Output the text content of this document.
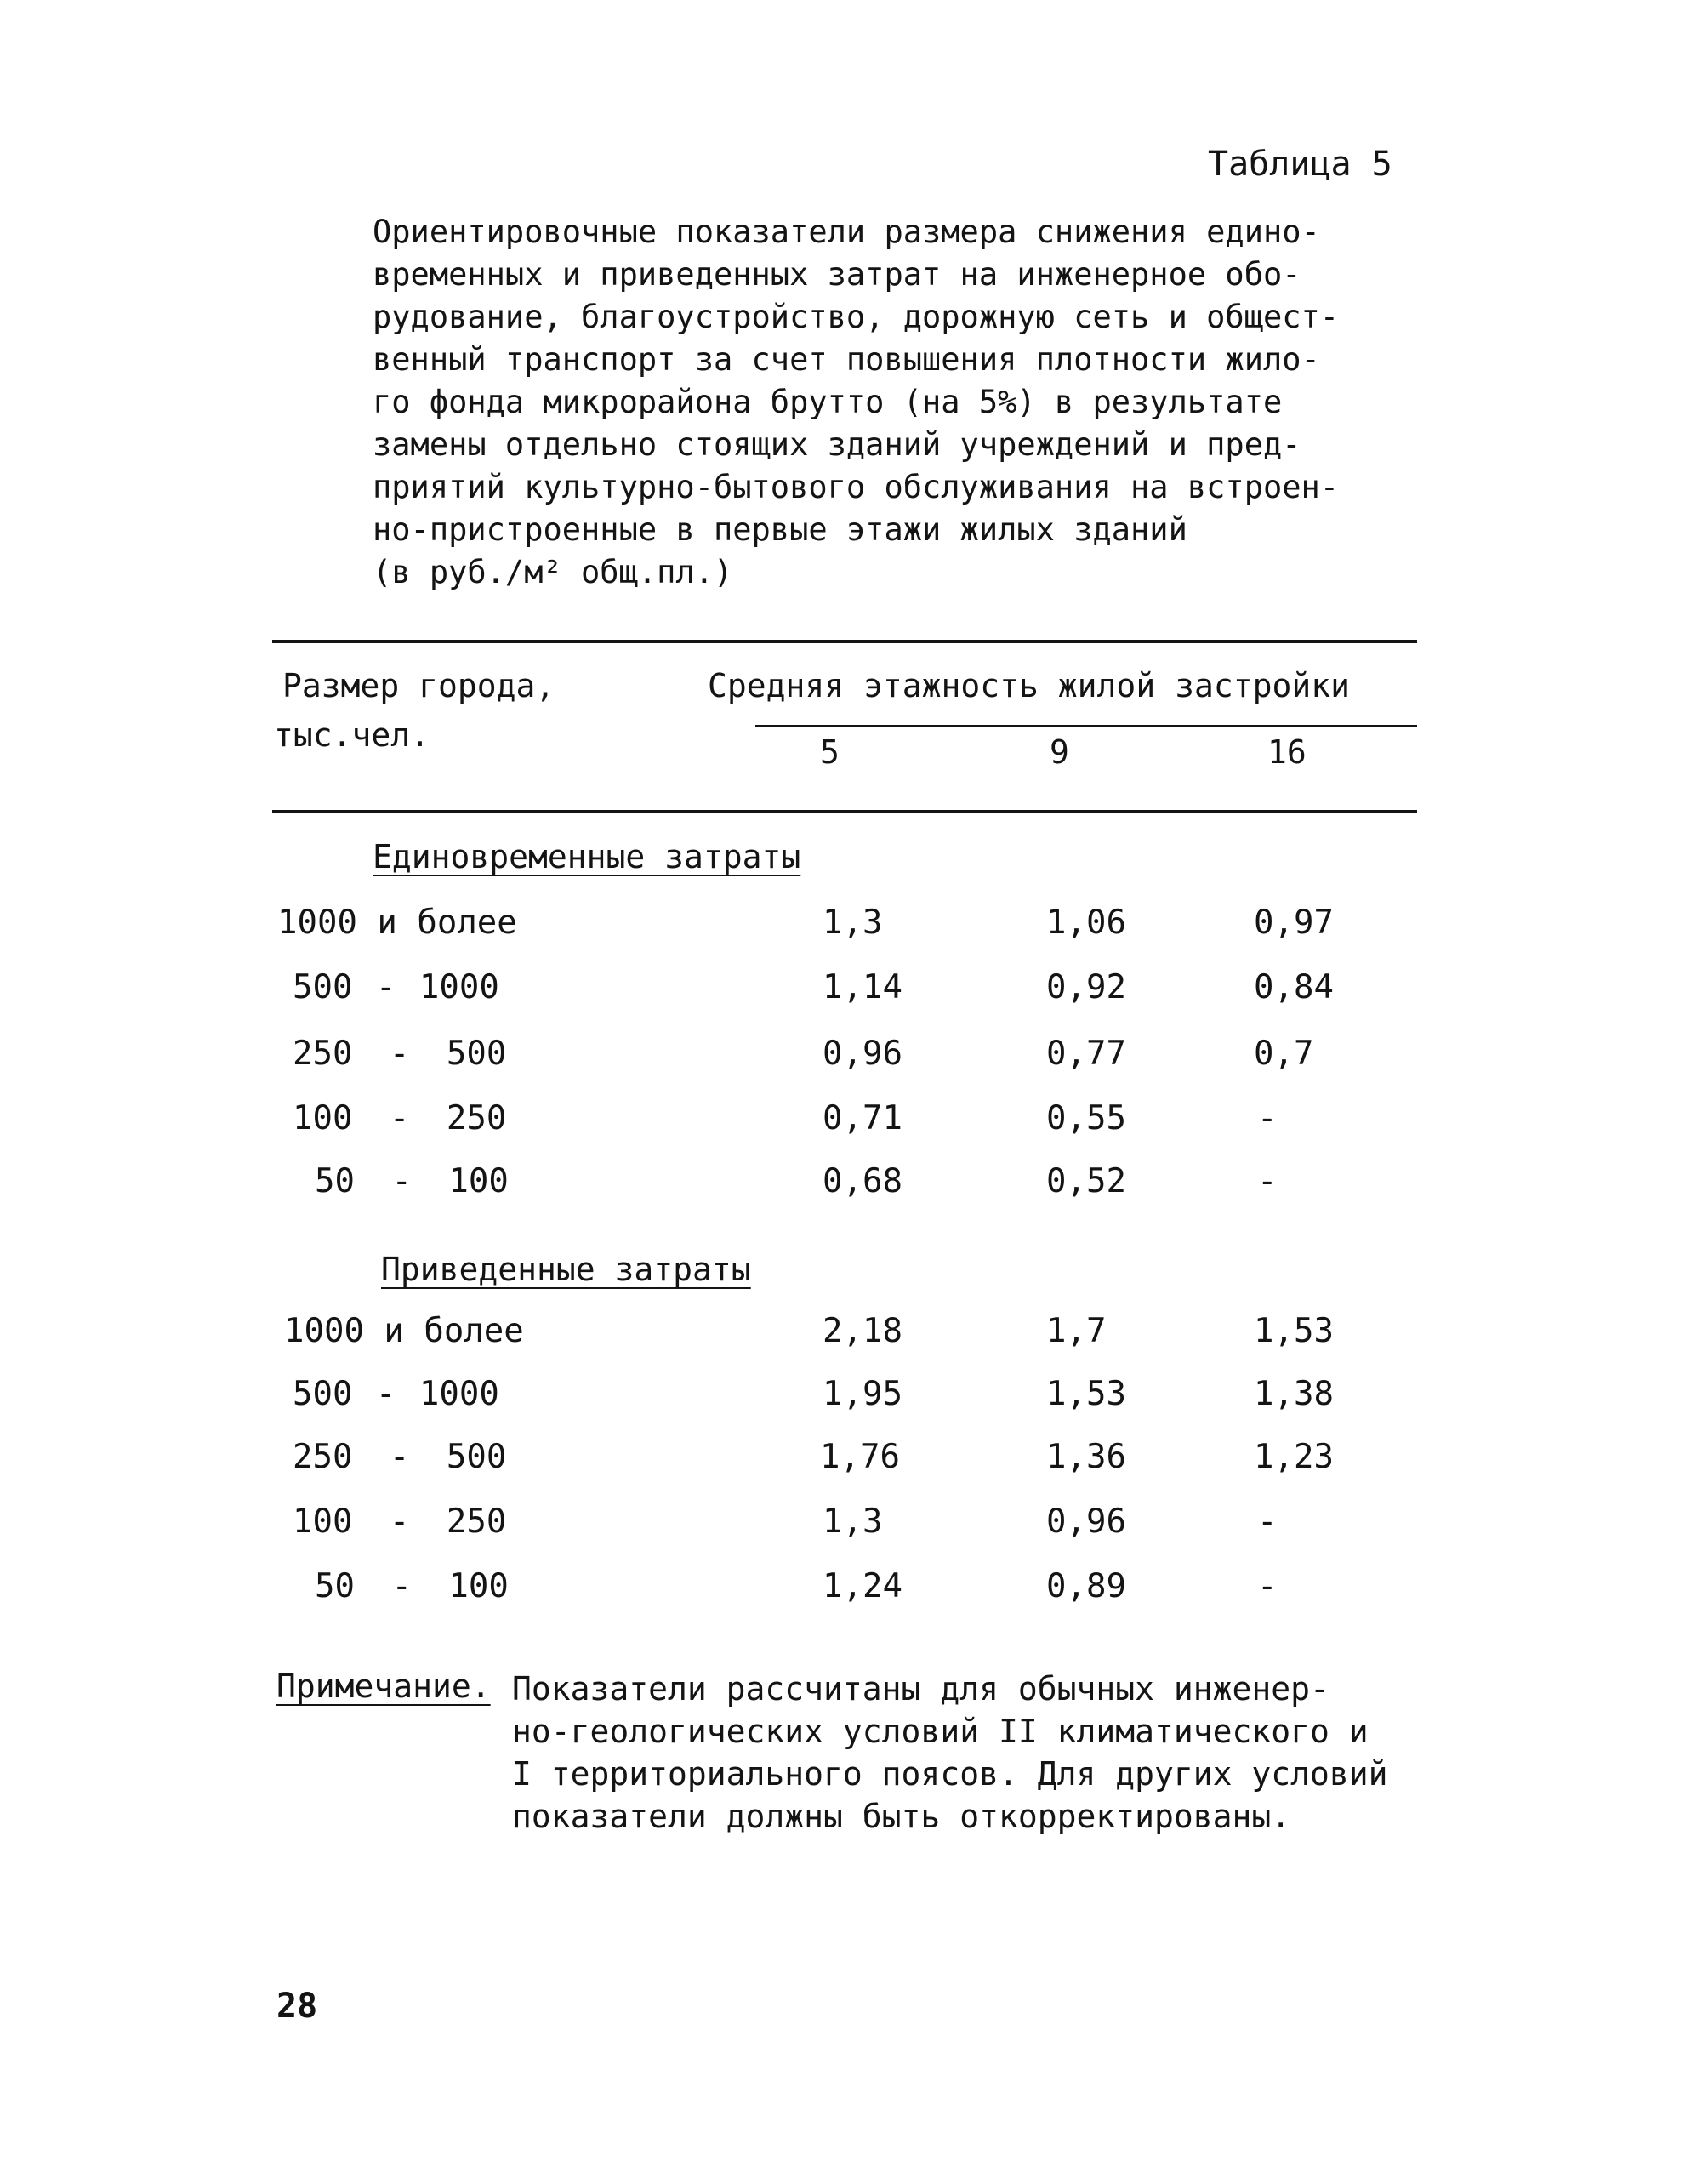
Таблица 5
Ориентировочные показатели размера снижения едино-
временных и приведенных затрат на инженерное обо-
рудование, благоустройство, дорожную сеть и общест-
венный транспорт за счет повышения плотности жило-
го фонда микрорайона брутто (на 5%) в результате
замены отдельно стоящих зданий учреждений и пред-
приятий культурно-бытового обслуживания на встроен-
но-пристроенные в первые этажи жилых зданий
(в руб./м² общ.пл.)
Размер города,
тыс.чел.
Средняя этажность жилой застройки
5	9	16
Единовременные затраты
1000 и более	1,3	1,06	0,97
500 - 1000	1,14	0,92	0,84
250 - 500	0,96	0,77	0,7
100 - 250	0,71	0,55	-
50 - 100	0,68	0,52	-
Приведенные затраты
1000 и более	2,18	1,7	1,53
500 - 1000	1,95	1,53	1,38
250 - 500	1,76	1,36	1,23
100 - 250	1,3	0,96	-
50 - 100	1,24	0,89	-
Примечание. Показатели рассчитаны для обычных инженер-
но-геологических условий II климатического и
I территориального поясов. Для других условий
показатели должны быть откорректированы.
28
